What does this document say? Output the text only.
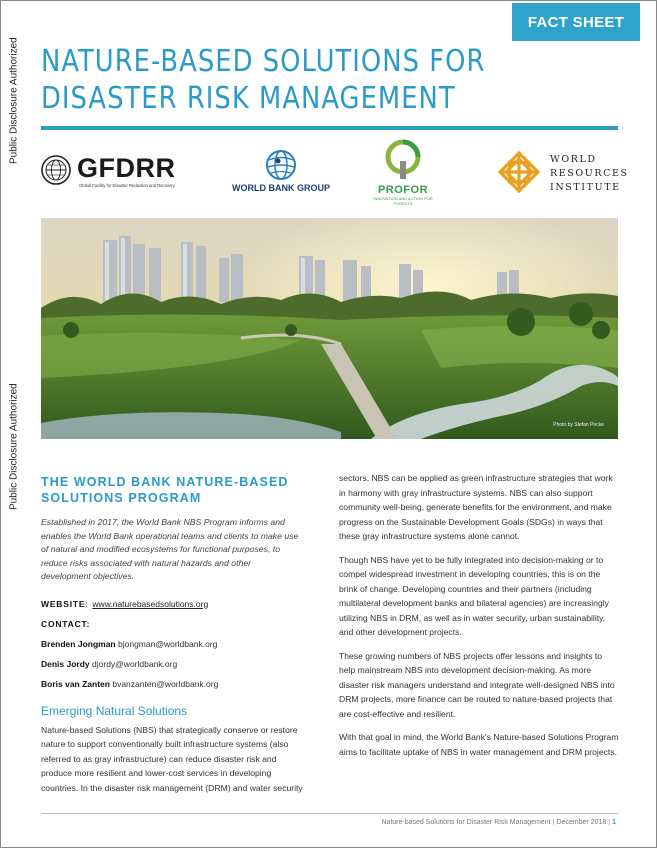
Public Disclosure Authorized
Public Disclosure Authorized
FACT SHEET
NATURE-BASED SOLUTIONS FOR
DISASTER RISK MANAGEMENT
GFDRR
Global Facility for Disaster Reduction and Recovery	WORLD BANK GROUP	PROFOR
INNOVATION AND ACTION FOR FORESTS
WORLD
RESOURCES
INSTITUTE
Photo by Stefan Pecke
THE WORLD BANK NATURE-BASED
SOLUTIONS PROGRAM

Established in 2017, the World Bank NBS Program informs and enables the World Bank operational teams and clients to make use of natural and modified ecosystems for functional purposes, to reduce risks associated with natural hazards and other development objectives.

WEBSITE:  www.naturebasedsolutions.org

CONTACT:

Brenden Jongman bjongman@worldbank.org

Denis Jordy djordy@worldbank.org

Boris van Zanten bvanzanten@worldbank.org

Emerging Natural Solutions

Nature-based Solutions (NBS) that strategically conserve or restore nature to support conventionally built infrastructure systems (also referred to as gray infrastructure) can reduce disaster risk and produce more resilient and lower-cost services in developing countries. In the disaster risk management (DRM) and water security

sectors, NBS can be applied as green infrastructure strategies that work in harmony with gray infrastructure systems. NBS can also support community well-being, generate benefits for the environment, and make progress on the Sustainable Development Goals (SDGs) in ways that these gray infrastructure systems alone cannot.

Though NBS have yet to be fully integrated into decision-making or to compel widespread investment in developing countries, this is on the brink of change. Developing countries and their partners (including multilateral development banks and bilateral agencies) are increasingly utilizing NBS in DRM, as well as in water security, urban sustainability, and other development projects.

These growing numbers of NBS projects offer lessons and insights to help mainstream NBS into development decision-making. As more disaster risk managers understand and integrate well-designed NBS into DRM projects, more finance can be routed to nature-based projects that are cost-effective and resilient.

With that goal in mind, the World Bank's Nature-based Solutions Program aims to facilitate uptake of NBS in water management and DRM projects.

Nature-based Solutions for Disaster Risk Management | December 2018 | 1
